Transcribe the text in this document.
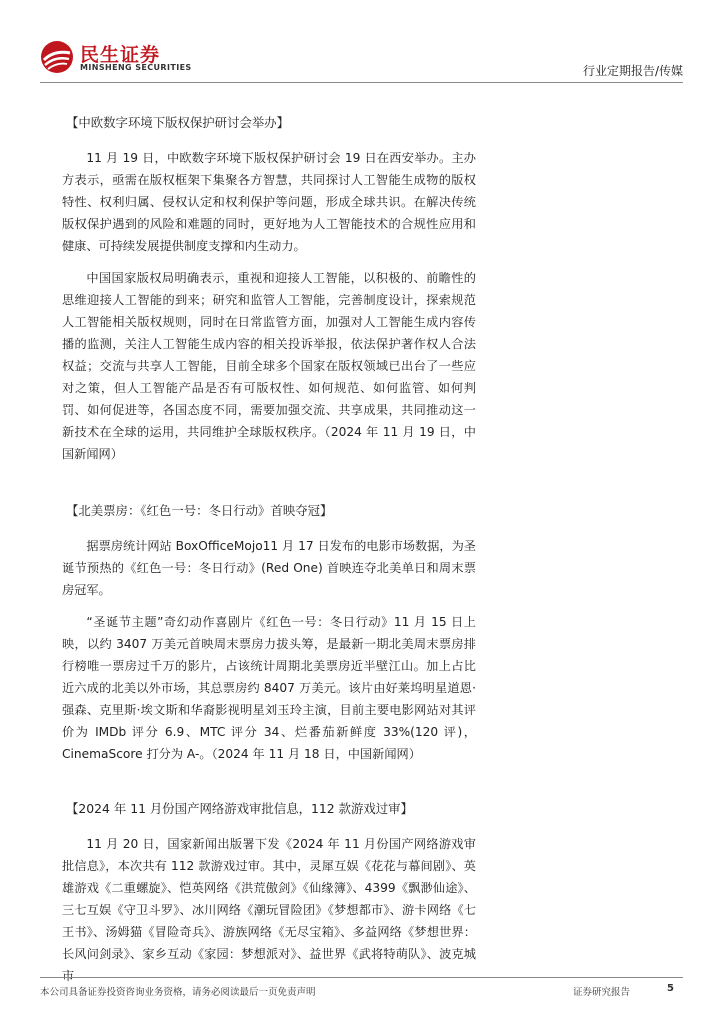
民生证券
MINSHENG SECURITIES	行业定期报告/传媒

【中欧数字环境下版权保护研讨会举办】

11 月 19 日，中欧数字环境下版权保护研讨会 19 日在西安举办。主办方表示，亟需在版权框架下集聚各方智慧，共同探讨人工智能生成物的版权特性、权利归属、侵权认定和权利保护等问题，形成全球共识。在解决传统版权保护遇到的风险和难题的同时，更好地为人工智能技术的合规性应用和健康、可持续发展提供制度支撑和内生动力。

中国国家版权局明确表示，重视和迎接人工智能，以积极的、前瞻性的思维迎接人工智能的到来；研究和监管人工智能，完善制度设计，探索规范人工智能相关版权规则，同时在日常监管方面，加强对人工智能生成内容传播的监测，关注人工智能生成内容的相关投诉举报，依法保护著作权人合法权益；交流与共享人工智能，目前全球多个国家在版权领域已出台了一些应对之策，但人工智能产品是否有可版权性、如何规范、如何监管、如何判罚、如何促进等，各国态度不同，需要加强交流、共享成果，共同推动这一新技术在全球的运用，共同维护全球版权秩序。（2024 年 11 月 19 日，中国新闻网）

【北美票房：《红色一号：冬日行动》首映夺冠】

据票房统计网站 BoxOfficeMojo11 月 17 日发布的电影市场数据，为圣诞节预热的《红色一号：冬日行动》(Red One) 首映连夺北美单日和周末票房冠军。

“圣诞节主题”奇幻动作喜剧片《红色一号：冬日行动》11 月 15 日上映，以约 3407 万美元首映周末票房力拔头筹，是最新一期北美周末票房排行榜唯一票房过千万的影片，占该统计周期北美票房近半壁江山。加上占比近六成的北美以外市场，其总票房约 8407 万美元。该片由好莱坞明星道恩·强森、克里斯·埃文斯和华裔影视明星刘玉玲主演，目前主要电影网站对其评价为 IMDb 评分 6.9、MTC 评分 34、烂番茄新鲜度 33%(120 评)，CinemaScore 打分为 A-。（2024 年 11 月 18 日，中国新闻网）

【2024 年 11 月份国产网络游戏审批信息，112 款游戏过审】

11 月 20 日，国家新闻出版署下发《2024 年 11 月份国产网络游戏审批信息》，本次共有 112 款游戏过审。其中，灵犀互娱《花花与幕间剧》、英雄游戏《二重螺旋》、恺英网络《洪荒傲剑》《仙缘簿》、4399《飘渺仙途》、三七互娱《守卫斗罗》、冰川网络《潮玩冒险团》《梦想都市》、游卡网络《七王书》、汤姆猫《冒险奇兵》、游族网络《无尽宝箱》、多益网络《梦想世界：长风问剑录》、家乡互动《家园：梦想派对》、益世界《武将特萌队》、波克城市

本公司具备证券投资咨询业务资格，请务必阅读最后一页免责声明	证券研究报告	5
